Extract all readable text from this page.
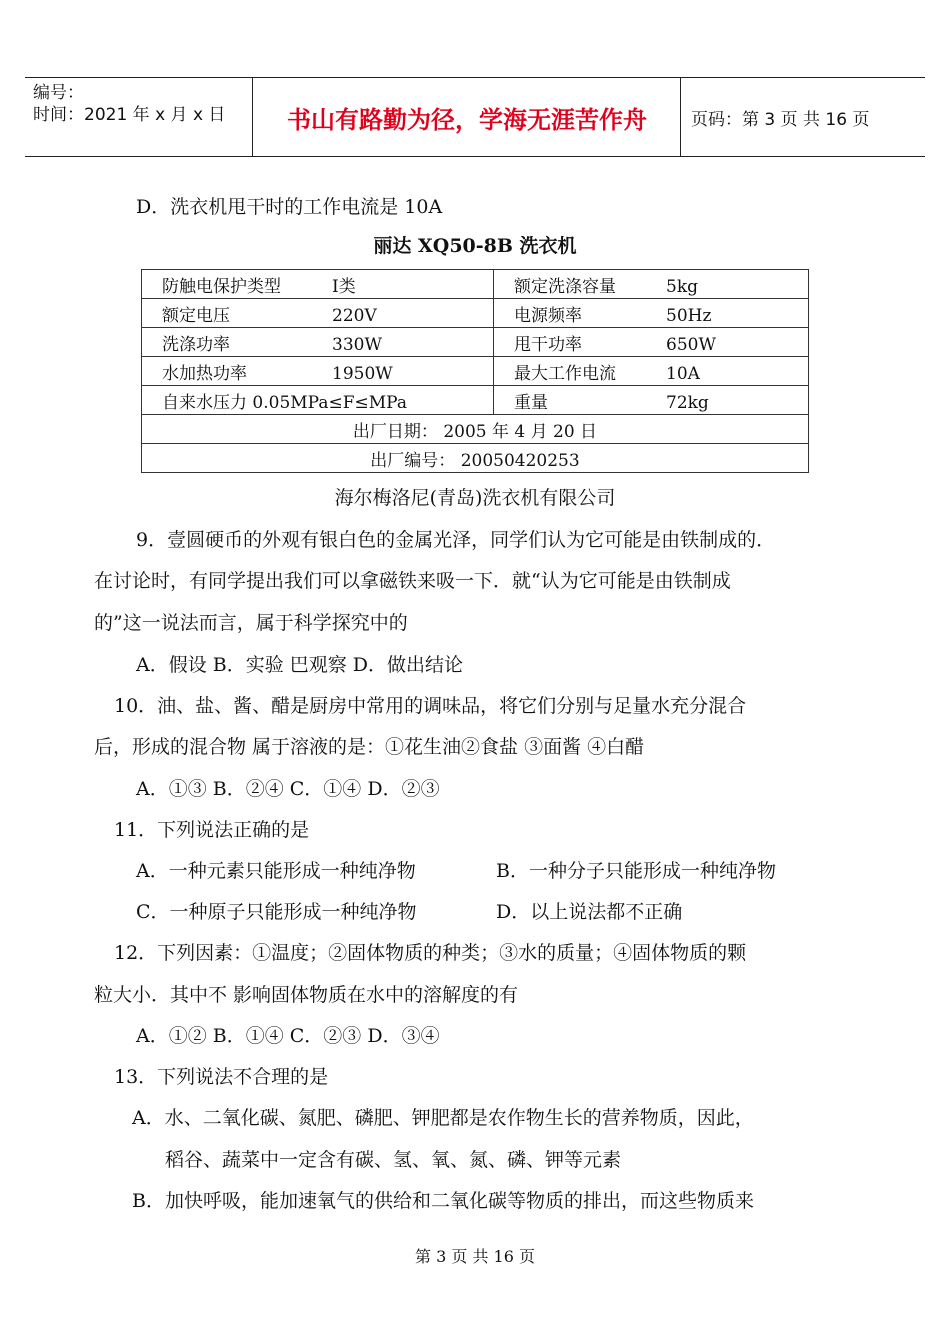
编号：
时间：2021 年 x 月 x 日	书山有路勤为径，学海无涯苦作舟	页码：第 3 页 共 16 页
D．洗衣机甩干时的工作电流是 10A
丽达 XQ50-8B 洗衣机
防触电保护类型 Ⅰ类	额定洗涤容量 5kg
额定电压 220V	电源频率 50Hz
洗涤功率 330W	甩干功率 650W
水加热功率 1950W	最大工作电流 10A
自来水压力 0.05MPa≤F≤MPa	重量 72kg
出厂日期： 2005 年 4 月 20 日	
出厂编号： 20050420253	
海尔梅洛尼(青岛)洗衣机有限公司
9．壹圆硬币的外观有银白色的金属光泽，同学们认为它可能是由铁制成的．
在讨论时，有同学提出我们可以拿磁铁来吸一下．就“认为它可能是由铁制成
的”这一说法而言，属于科学探究中的
A．假设 B．实验 巴观察 D．做出结论
10．油、盐、酱、醋是厨房中常用的调味品，将它们分别与足量水充分混合
后，形成的混合物 属于溶液的是：①花生油②食盐 ③面酱 ④白醋
A．①③ B．②④ C．①④ D．②③
11．下列说法正确的是
A．一种元素只能形成一种纯净物	B．一种分子只能形成一种纯净物
C．一种原子只能形成一种纯净物	D．以上说法都不正确
12．下列因素：①温度；②固体物质的种类；③水的质量；④固体物质的颗
粒大小．其中不 影响固体物质在水中的溶解度的有
A．①② B．①④ C．②③ D．③④
13．下列说法不合理的是
A．水、二氧化碳、氮肥、磷肥、钾肥都是农作物生长的营养物质，因此，
稻谷、蔬菜中一定含有碳、氢、氧、氮、磷、钾等元素
B．加快呼吸，能加速氧气的供给和二氧化碳等物质的排出，而这些物质来
第 3 页 共 16 页
